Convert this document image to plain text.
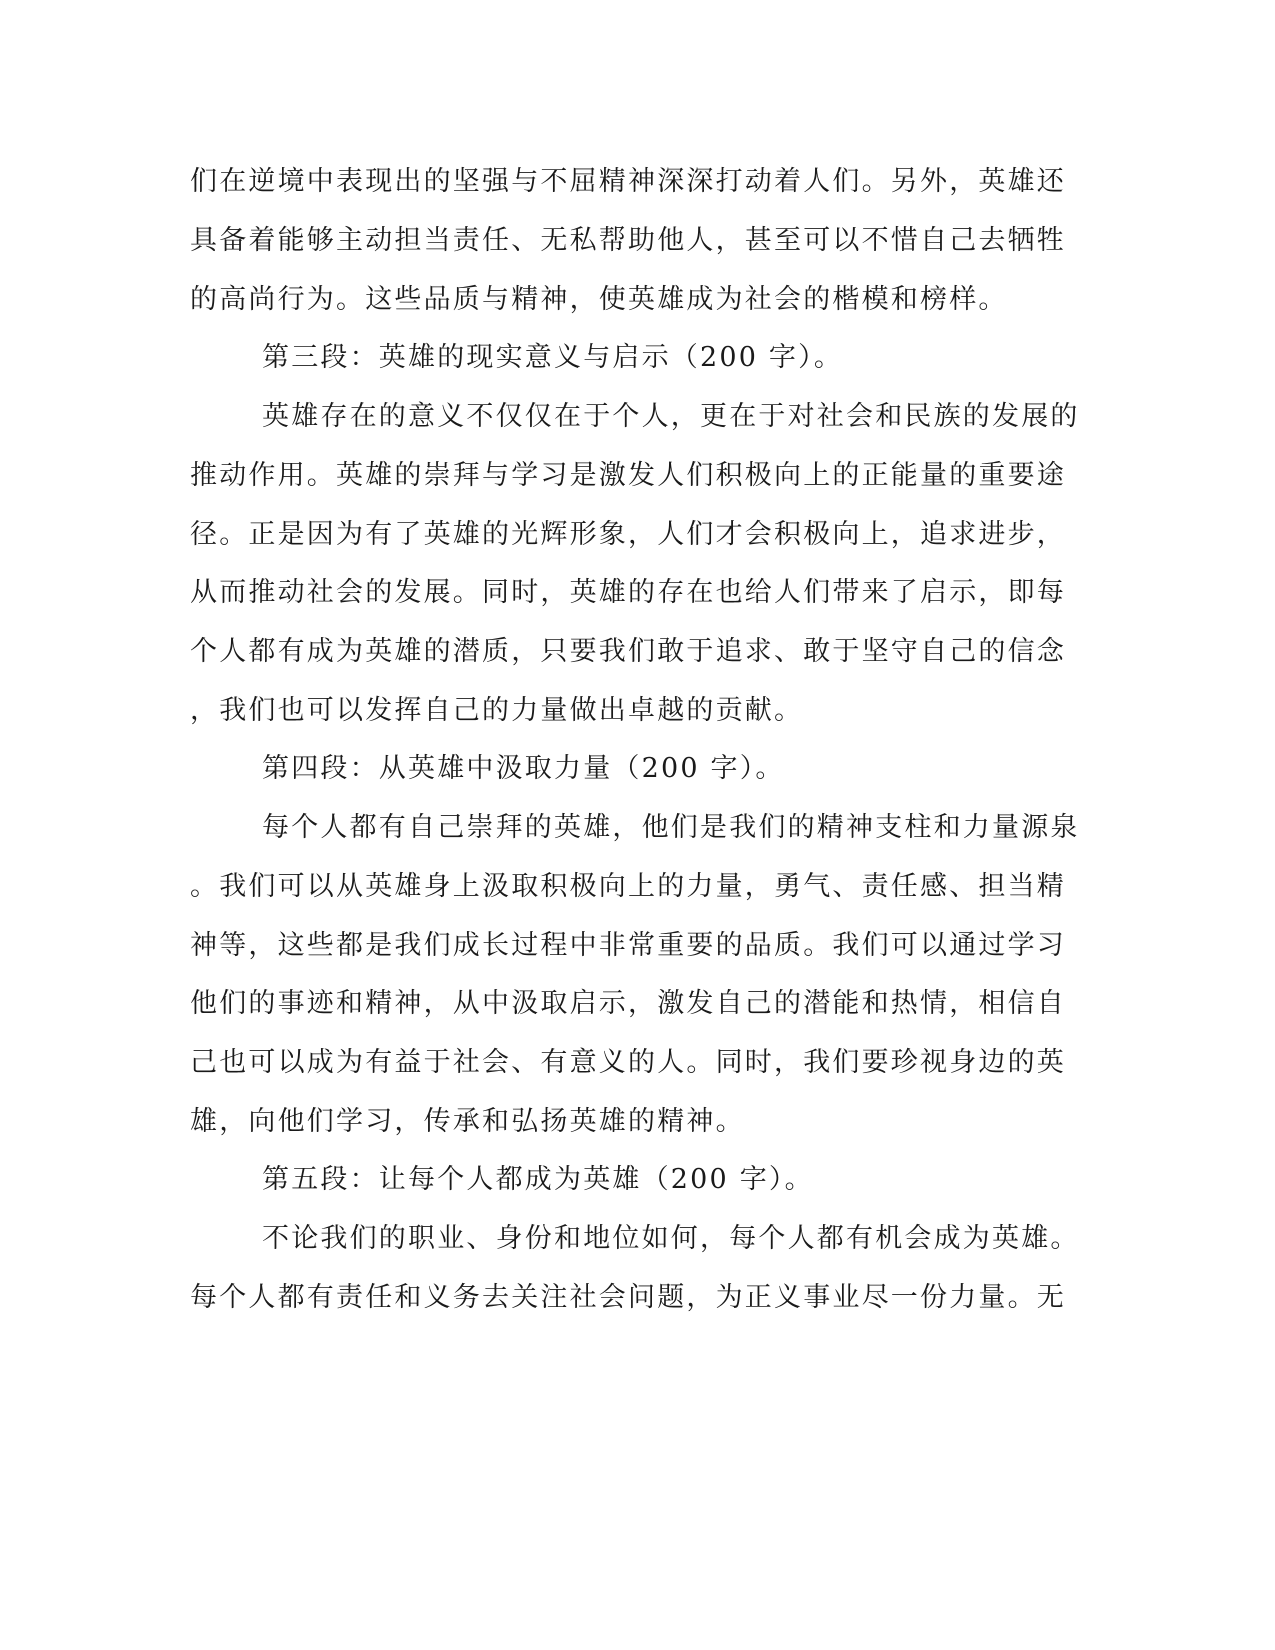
们在逆境中表现出的坚强与不屈精神深深打动着人们。另外，英雄还
具备着能够主动担当责任、无私帮助他人，甚至可以不惜自己去牺牲
的高尚行为。这些品质与精神，使英雄成为社会的楷模和榜样。
第三段：英雄的现实意义与启示（200 字）。
英雄存在的意义不仅仅在于个人，更在于对社会和民族的发展的
推动作用。英雄的崇拜与学习是激发人们积极向上的正能量的重要途
径。正是因为有了英雄的光辉形象，人们才会积极向上，追求进步，
从而推动社会的发展。同时，英雄的存在也给人们带来了启示，即每
个人都有成为英雄的潜质，只要我们敢于追求、敢于坚守自己的信念
，我们也可以发挥自己的力量做出卓越的贡献。
第四段：从英雄中汲取力量（200 字）。
每个人都有自己崇拜的英雄，他们是我们的精神支柱和力量源泉
。我们可以从英雄身上汲取积极向上的力量，勇气、责任感、担当精
神等，这些都是我们成长过程中非常重要的品质。我们可以通过学习
他们的事迹和精神，从中汲取启示，激发自己的潜能和热情，相信自
己也可以成为有益于社会、有意义的人。同时，我们要珍视身边的英
雄，向他们学习，传承和弘扬英雄的精神。
第五段：让每个人都成为英雄（200 字）。
不论我们的职业、身份和地位如何，每个人都有机会成为英雄。
每个人都有责任和义务去关注社会问题，为正义事业尽一份力量。无
